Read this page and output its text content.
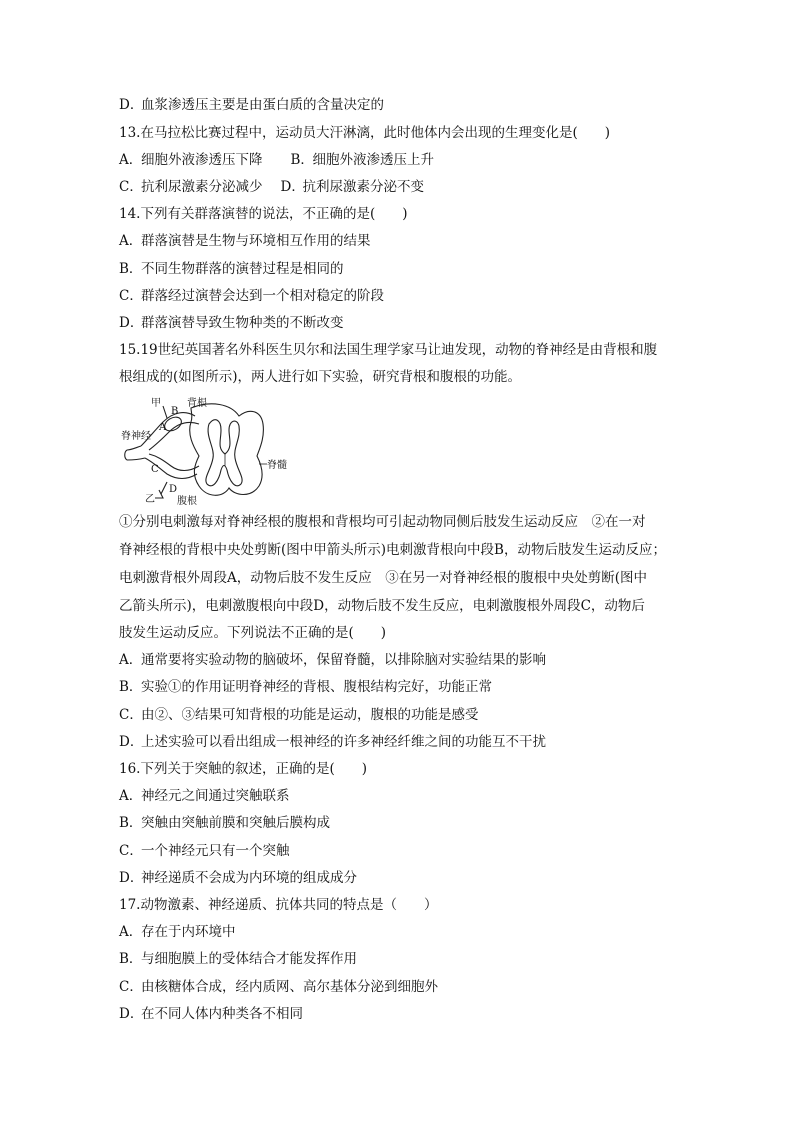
D．血浆渗透压主要是由蛋白质的含量决定的
13.在马拉松比赛过程中，运动员大汗淋漓，此时他体内会出现的生理变化是(　　)
A．细胞外液渗透压下降 B．细胞外液渗透压上升
C．抗利尿激素分泌减少 D．抗利尿激素分泌不变
14.下列有关群落演替的说法，不正确的是(　　)
A．群落演替是生物与环境相互作用的结果
B．不同生物群落的演替过程是相同的
C．群落经过演替会达到一个相对稳定的阶段
D．群落演替导致生物种类的不断改变
15.19世纪英国著名外科医生贝尔和法国生理学家马让迪发现，动物的脊神经是由背根和腹
根组成的(如图所示)，两人进行如下实验，研究背根和腹根的功能。
甲
B
背根
A
脊神经
C	脊髓
D
乙 腹根
①分别电刺激每对脊神经根的腹根和背根均可引起动物同侧后肢发生运动反应　②在一对
脊神经根的背根中央处剪断(图中甲箭头所示)电刺激背根向中段B，动物后肢发生运动反应；
电刺激背根外周段A，动物后肢不发生反应　③在另一对脊神经根的腹根中央处剪断(图中
乙箭头所示)，电刺激腹根向中段D，动物后肢不发生反应，电刺激腹根外周段C，动物后
肢发生运动反应。下列说法不正确的是(　　)
A．通常要将实验动物的脑破坏，保留脊髓，以排除脑对实验结果的影响
B．实验①的作用证明脊神经的背根、腹根结构完好，功能正常
C．由②、③结果可知背根的功能是运动，腹根的功能是感受
D．上述实验可以看出组成一根神经的许多神经纤维之间的功能互不干扰
16.下列关于突触的叙述，正确的是(　　)
A．神经元之间通过突触联系
B．突触由突触前膜和突触后膜构成
C．一个神经元只有一个突触
D．神经递质不会成为内环境的组成成分
17.动物激素、神经递质、抗体共同的特点是（　　）
A．存在于内环境中
B．与细胞膜上的受体结合才能发挥作用
C．由核糖体合成，经内质网、高尔基体分泌到细胞外
D．在不同人体内种类各不相同
